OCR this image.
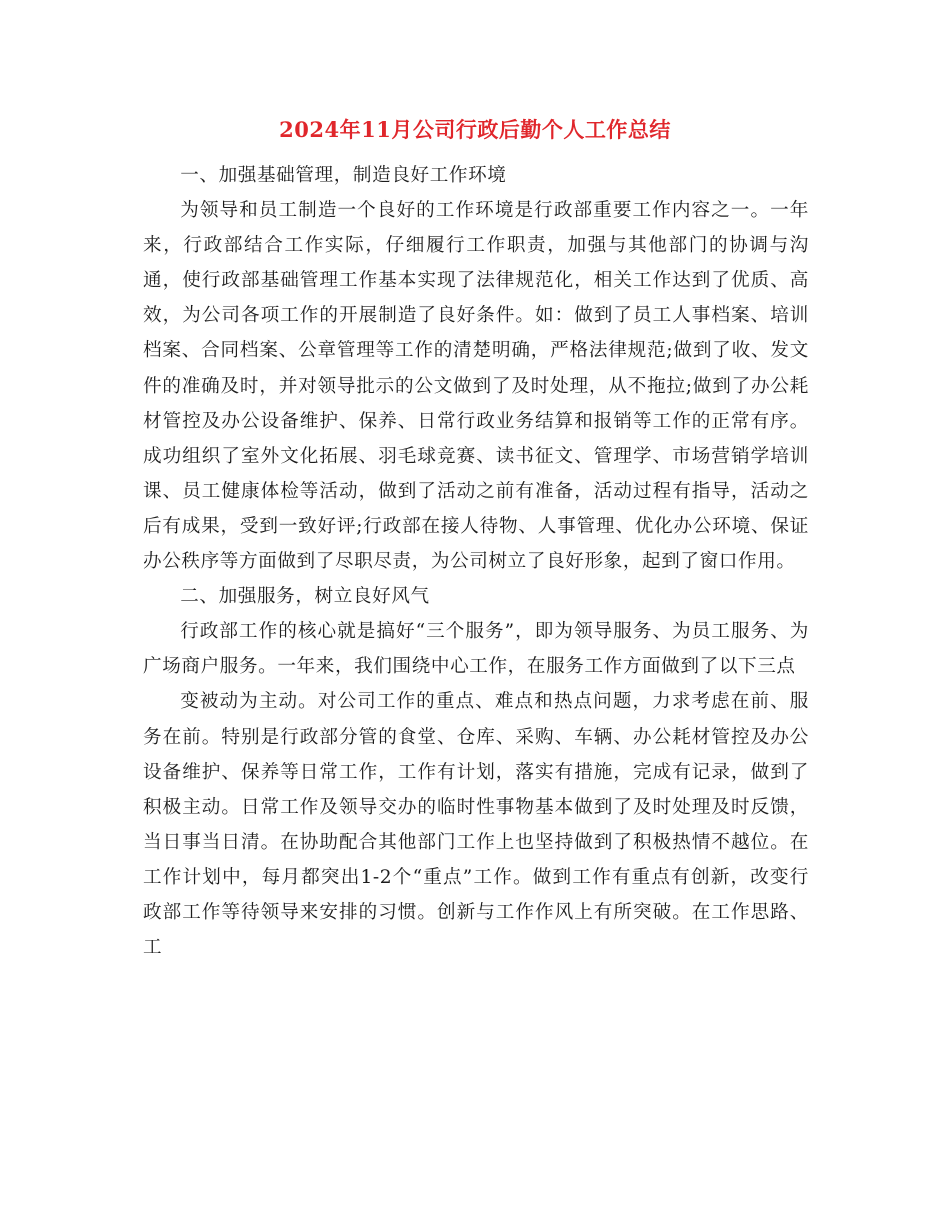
2024年11月公司行政后勤个人工作总结

一、加强基础管理，制造良好工作环境

为领导和员工制造一个良好的工作环境是行政部重要工作内容之一。一年来，行政部结合工作实际，仔细履行工作职责，加强与其他部门的协调与沟通，使行政部基础管理工作基本实现了法律规范化，相关工作达到了优质、高效，为公司各项工作的开展制造了良好条件。如：做到了员工人事档案、培训档案、合同档案、公章管理等工作的清楚明确，严格法律规范;做到了收、发文件的准确及时，并对领导批示的公文做到了及时处理，从不拖拉;做到了办公耗材管控及办公设备维护、保养、日常行政业务结算和报销等工作的正常有序。成功组织了室外文化拓展、羽毛球竞赛、读书征文、管理学、市场营销学培训课、员工健康体检等活动，做到了活动之前有准备，活动过程有指导，活动之后有成果，受到一致好评;行政部在接人待物、人事管理、优化办公环境、保证办公秩序等方面做到了尽职尽责，为公司树立了良好形象，起到了窗口作用。

二、加强服务，树立良好风气

行政部工作的核心就是搞好“三个服务”，即为领导服务、为员工服务、为广场商户服务。一年来，我们围绕中心工作，在服务工作方面做到了以下三点

变被动为主动。对公司工作的重点、难点和热点问题，力求考虑在前、服务在前。特别是行政部分管的食堂、仓库、采购、车辆、办公耗材管控及办公设备维护、保养等日常工作，工作有计划，落实有措施，完成有记录，做到了积极主动。日常工作及领导交办的临时性事物基本做到了及时处理及时反馈，当日事当日清。在协助配合其他部门工作上也坚持做到了积极热情不越位。在工作计划中，每月都突出1-2个“重点”工作。做到工作有重点有创新，改变行政部工作等待领导来安排的习惯。创新与工作作风上有所突破。在工作思路、工
